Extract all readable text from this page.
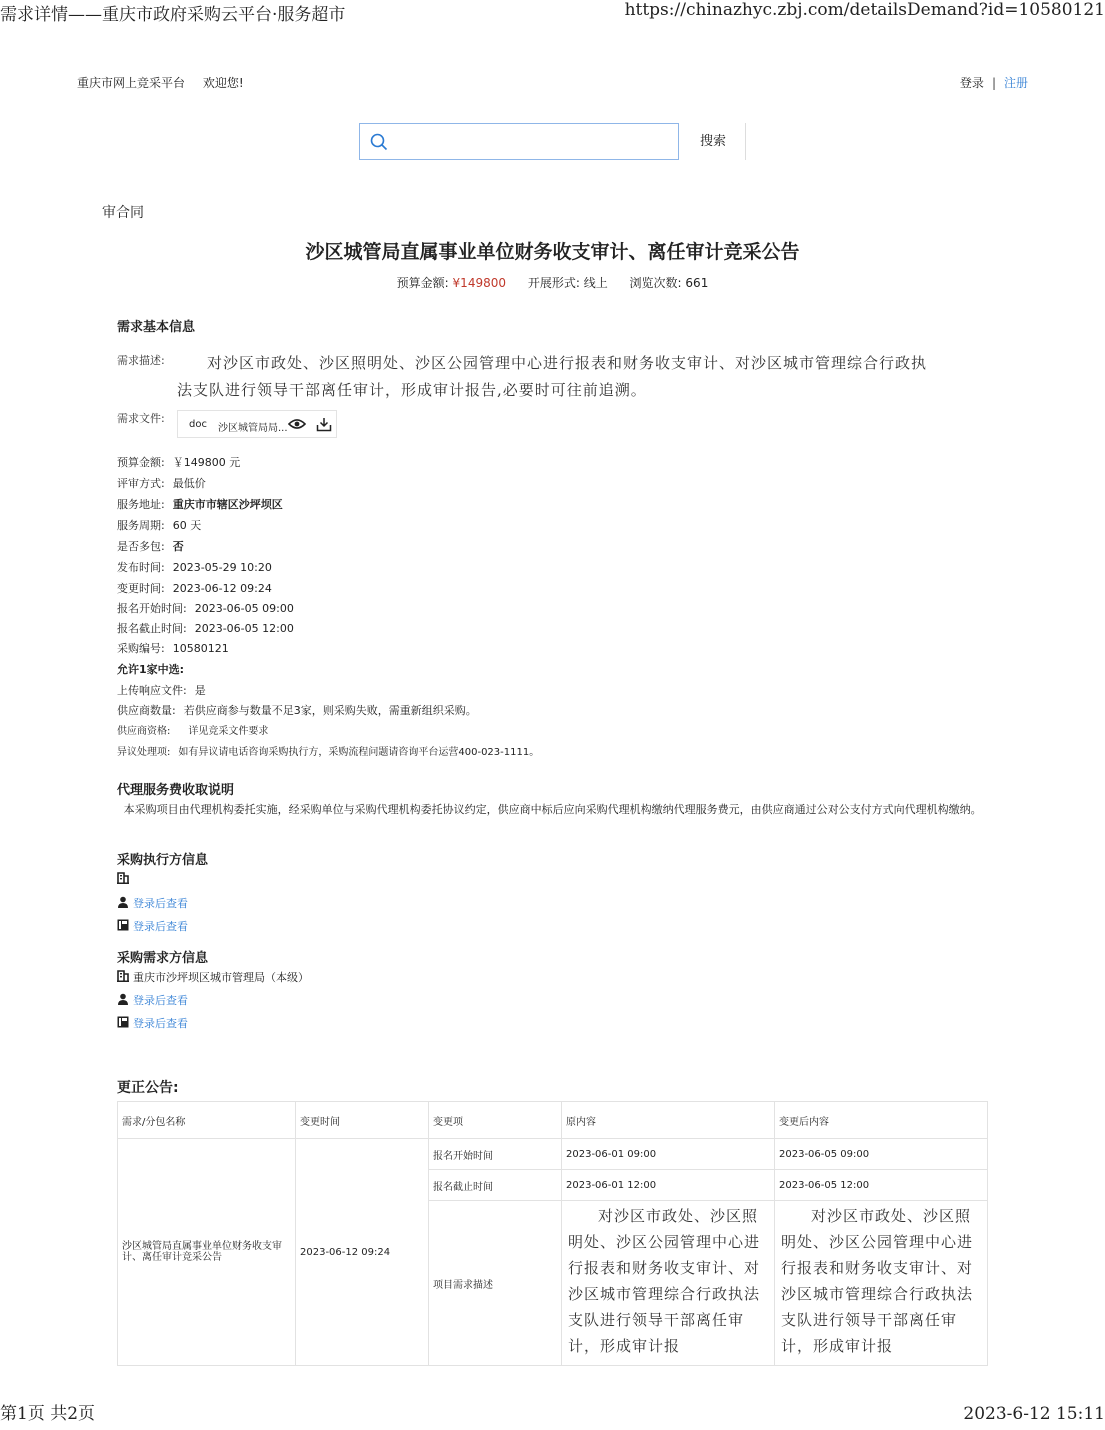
需求详情——重庆市政府采购云平台·服务超市	https://chinazhyc.zbj.com/detailsDemand?id=10580121
重庆市网上竞采平台 欢迎您!	登录 | 注册
搜索
审合同
沙区城管局直属事业单位财务收支审计、离任审计竞采公告
预算金额: ¥149800 开展形式: 线上 浏览次数: 661
需求基本信息
需求描述:	对沙区市政处、沙区照明处、沙区公园管理中心进行报表和财务收支审计、对沙区城市管理综合行政执法支队进行领导干部离任审计，形成审计报告,必要时可往前追溯。
需求文件: doc 沙区城管局局...
预算金额: ￥149800 元
评审方式: 最低价
服务地址: 重庆市市辖区沙坪坝区
服务周期: 60 天
是否多包: 否
发布时间: 2023-05-29 10:20
变更时间: 2023-06-12 09:24
报名开始时间: 2023-06-05 09:00
报名截止时间: 2023-06-05 12:00
采购编号: 10580121
允许1家中选:
上传响应文件: 是
供应商数量: 若供应商参与数量不足3家，则采购失败，需重新组织采购。
供应商资格: 详见竞采文件要求
异议处理项: 如有异议请电话咨询采购执行方，采购流程问题请咨询平台运营400-023-1111。
代理服务费收取说明
本采购项目由代理机构委托实施，经采购单位与采购代理机构委托协议约定，供应商中标后应向采购代理机构缴纳代理服务费元，由供应商通过公对公支付方式向代理机构缴纳。
采购执行方信息
登录后查看
登录后查看
采购需求方信息
重庆市沙坪坝区城市管理局（本级）
登录后查看
登录后查看
更正公告:
需求/分包名称	变更时间	变更项	原内容	变更后内容
沙区城管局直属事业单位财务收支审计、离任审计竞采公告	2023-06-12 09:24	报名开始时间	2023-06-01 09:00	2023-06-05 09:00
		报名截止时间	2023-06-01 12:00	2023-06-05 12:00
		项目需求描述	对沙区市政处、沙区照明处、沙区公园管理中心进行报表和财务收支审计、对沙区城市管理综合行政执法支队进行领导干部离任审计，形成审计报	对沙区市政处、沙区照明处、沙区公园管理中心进行报表和财务收支审计、对沙区城市管理综合行政执法支队进行领导干部离任审计，形成审计报
第1页 共2页	2023-6-12 15:11
